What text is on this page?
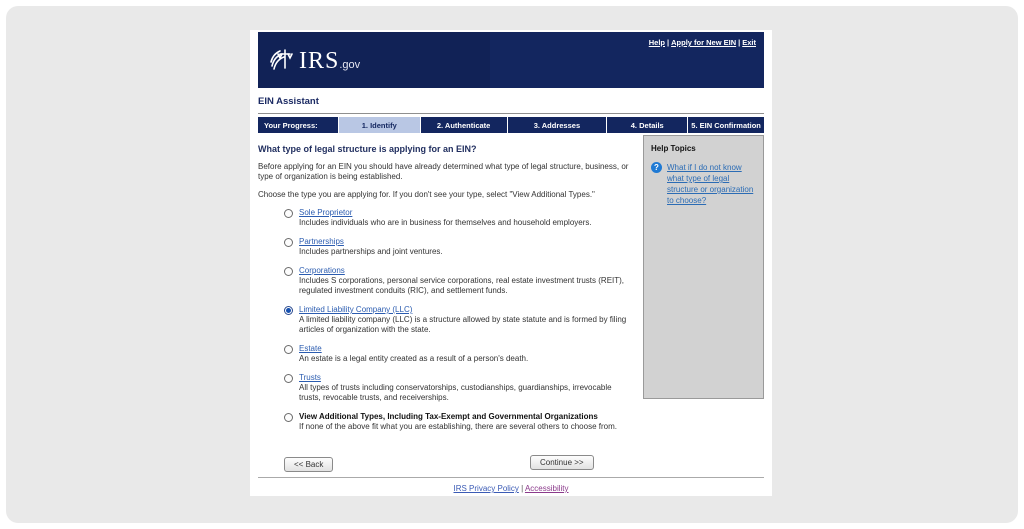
IRS .gov
Help | Apply for New EIN | Exit
EIN Assistant
Your Progress:	1. Identify	2. Authenticate	3. Addresses	4. Details	5. EIN Confirmation
What type of legal structure is applying for an EIN?

Before applying for an EIN you should have already determined what type of legal structure, business, or type of organization is being established.

Choose the type you are applying for. If you don't see your type, select "View Additional Types."

Sole Proprietor
Includes individuals who are in business for themselves and household employers.
Partnerships
Includes partnerships and joint ventures.
Corporations
Includes S corporations, personal service corporations, real estate investment trusts (REIT), regulated investment conduits (RIC), and settlement funds.
Limited Liability Company (LLC)
A limited liability company (LLC) is a structure allowed by state statute and is formed by filing articles of organization with the state.
Estate
An estate is a legal entity created as a result of a person's death.
Trusts
All types of trusts including conservatorships, custodianships, guardianships, irrevocable trusts, revocable trusts, and receiverships.
View Additional Types, Including Tax-Exempt and Governmental Organizations
If none of the above fit what you are establishing, there are several others to choose from.
Help Topics
?	What if I do not know what type of legal structure or organization to choose?
<< Back	Continue >>
IRS Privacy Policy | Accessibility
